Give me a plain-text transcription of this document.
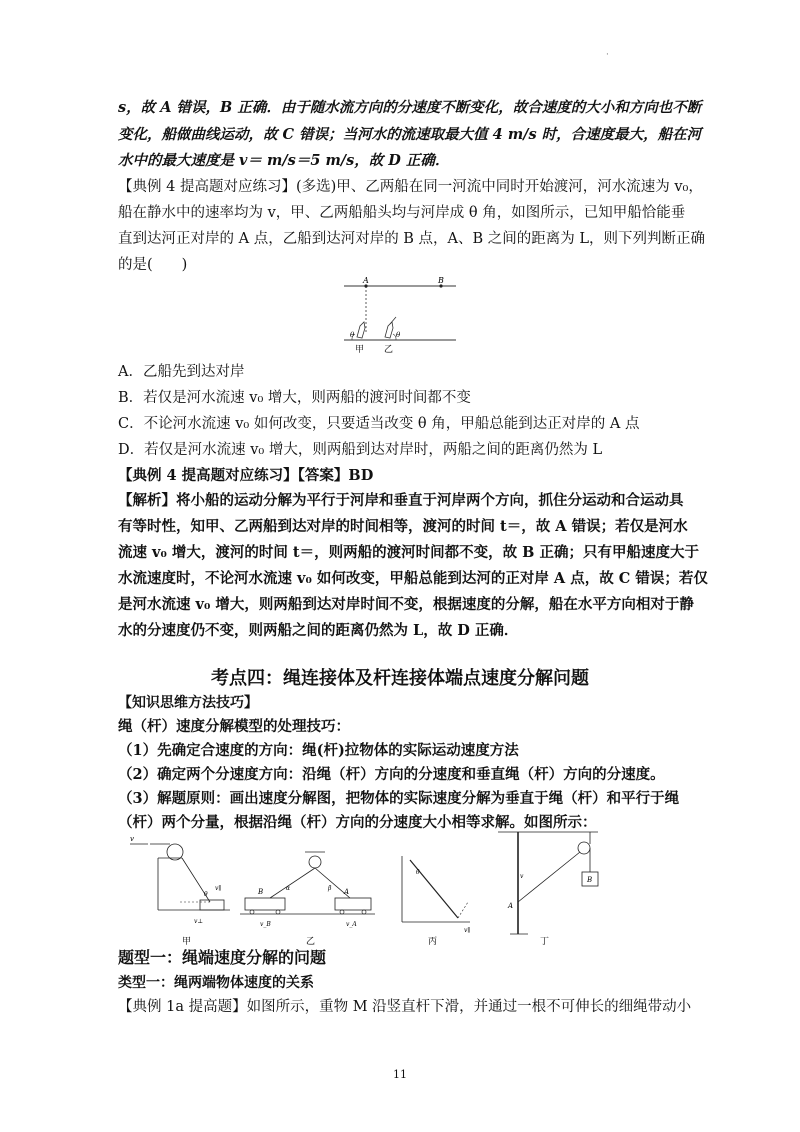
·
s，故 A 错误，B 正确．由于随水流方向的分速度不断变化，故合速度的大小和方向也不断
变化，船做曲线运动，故 C 错误；当河水的流速取最大值 4 m/s 时，合速度最大，船在河
水中的最大速度是 v＝ m/s＝5 m/s，故 D 正确．
【典例 4 提高题对应练习】(多选)甲、乙两船在同一河流中同时开始渡河，河水流速为 v₀，
船在静水中的速率均为 v，甲、乙两船船头均与河岸成 θ 角，如图所示，已知甲船恰能垂
直到达河正对岸的 A 点，乙船到达河对岸的 B 点，A、B 之间的距离为 L，则下列判断正确
的是(　　)
A	B
θ	θ
甲 乙
A．乙船先到达对岸
B．若仅是河水流速 v₀ 增大，则两船的渡河时间都不变
C．不论河水流速 v₀ 如何改变，只要适当改变 θ 角，甲船总能到达正对岸的 A 点
D．若仅是河水流速 v₀ 增大，则两船到达对岸时，两船之间的距离仍然为 L
【典例 4 提高题对应练习】【答案】BD
【解析】将小船的运动分解为平行于河岸和垂直于河岸两个方向，抓住分运动和合运动具
有等时性，知甲、乙两船到达对岸的时间相等，渡河的时间 t＝，故 A 错误；若仅是河水
流速 v₀ 增大，渡河的时间 t＝，则两船的渡河时间都不变，故 B 正确；只有甲船速度大于
水流速度时，不论河水流速 v₀ 如何改变，甲船总能到达河的正对岸 A 点，故 C 错误；若仅
是河水流速 v₀ 增大，则两船到达对岸时间不变，根据速度的分解，船在水平方向相对于静
水的分速度仍不变，则两船之间的距离仍然为 L，故 D 正确．
考点四：绳连接体及杆连接体端点速度分解问题
【知识思维方法技巧】
绳（杆）速度分解模型的处理技巧：
（1）先确定合速度的方向：绳(杆)拉物体的实际运动速度方法
（2）确定两个分速度方向：沿绳（杆）方向的分速度和垂直绳（杆）方向的分速度。
（3）解题原则：画出速度分解图，把物体的实际速度分解为垂直于绳（杆）和平行于绳
（杆）两个分量，根据沿绳（杆）方向的分速度大小相等求解。如图所示：
v
v∥
v⊥
θ
甲
B	A
α	β
v_B	v_A
乙
θ
v∥
丙
B
A
v
丁
题型一：绳端速度分解的问题
类型一：绳两端物体速度的关系
【典例 1a 提高题】如图所示，重物 M 沿竖直杆下滑，并通过一根不可伸长的细绳带动小
11
